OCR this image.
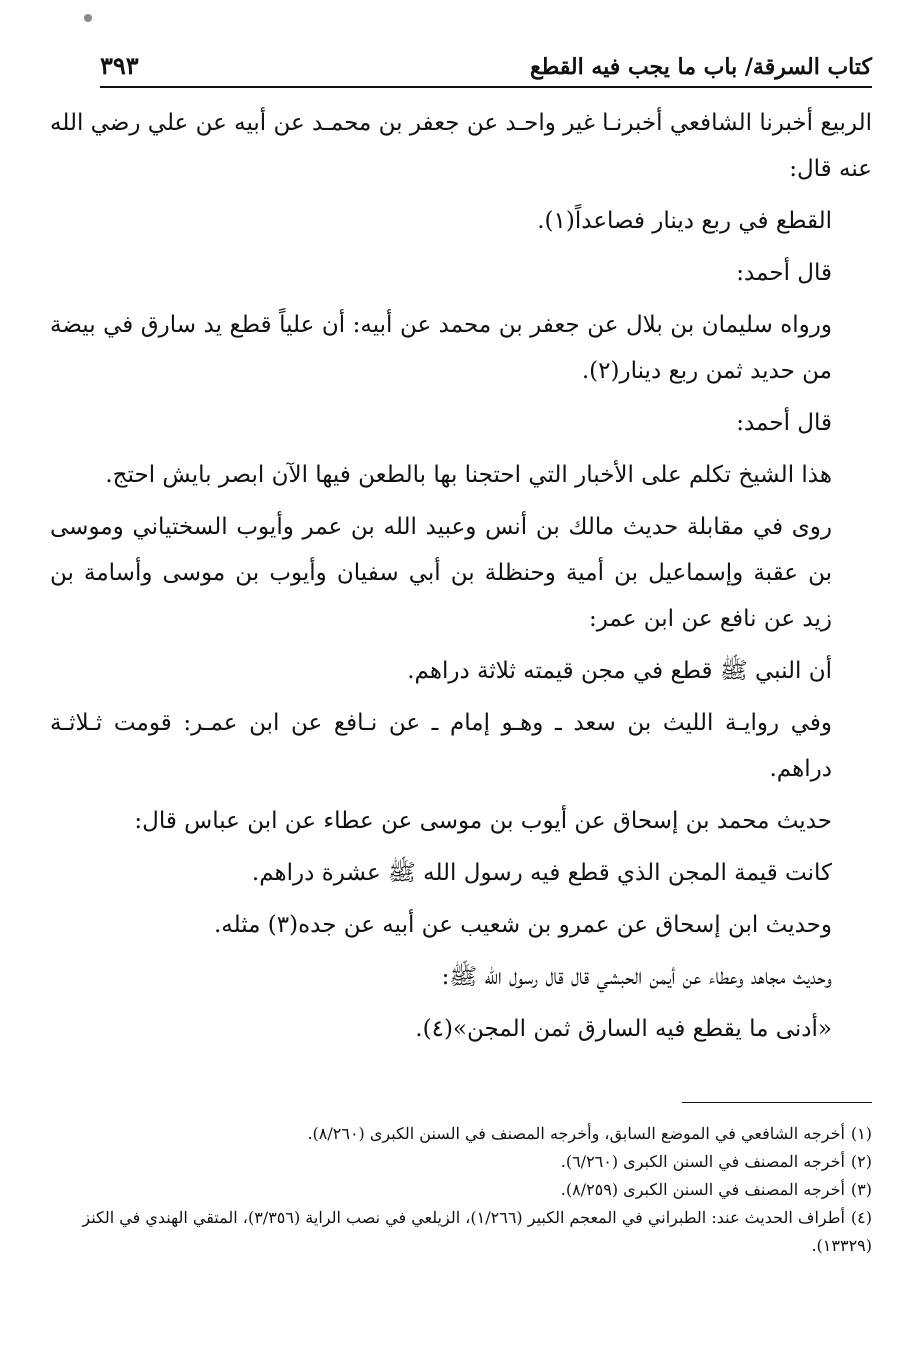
كتاب السرقة/ باب ما يجب فيه القطع
٣٩٣

الربيع أخبرنا الشافعي أخبرنـا غير واحـد عن جعفر بن محمـد عن أبيه عن علي رضي الله عنه قال:

القطع في ربع دينار فصاعداً(١).

قال أحمد:

ورواه سليمان بن بلال عن جعفر بن محمد عن أبيه: أن علياً قطع يد سارق في بيضة من حديد ثمن ربع دينار(٢).

قال أحمد:

هذا الشيخ تكلم على الأخبار التي احتجنا بها بالطعن فيها الآن ابصر بايش احتج.

روى في مقابلة حديث مالك بن أنس وعبيد الله بن عمر وأيوب السختياني وموسى بن عقبة وإسماعيل بن أمية وحنظلة بن أبي سفيان وأيوب بن موسى وأسامة بن زيد عن نافع عن ابن عمر:

أن النبي ﷺ قطع في مجن قيمته ثلاثة دراهم.

وفي روايـة الليث بن سعد ـ وهـو إمام ـ عن نـافع عن ابن عمـر: قومت ثـلاثـة دراهم.

حديث محمد بن إسحاق عن أيوب بن موسى عن عطاء عن ابن عباس قال:

كانت قيمة المجن الذي قطع فيه رسول الله ﷺ عشرة دراهم.

وحديث ابن إسحاق عن عمرو بن شعيب عن أبيه عن جده(٣) مثله.

وحديث مجاهد وعطاء عن أيمن الحبشي قال قال رسول الله ﷺ:

«أدنى ما يقطع فيه السارق ثمن المجن»(٤).

(١)أخرجه الشافعي في الموضع السابق، وأخرجه المصنف في السنن الكبرى (٨/٢٦٠).

(٢)أخرجه المصنف في السنن الكبرى (٦/٢٦٠).

(٣)أخرجه المصنف في السنن الكبرى (٨/٢٥٩).

(٤)أطراف الحديث عند: الطبراني في المعجم الكبير (١/٢٦٦)، الزيلعي في نصب الراية (٣/٣٥٦)، المتقي الهندي في الكنز (١٣٣٢٩).
